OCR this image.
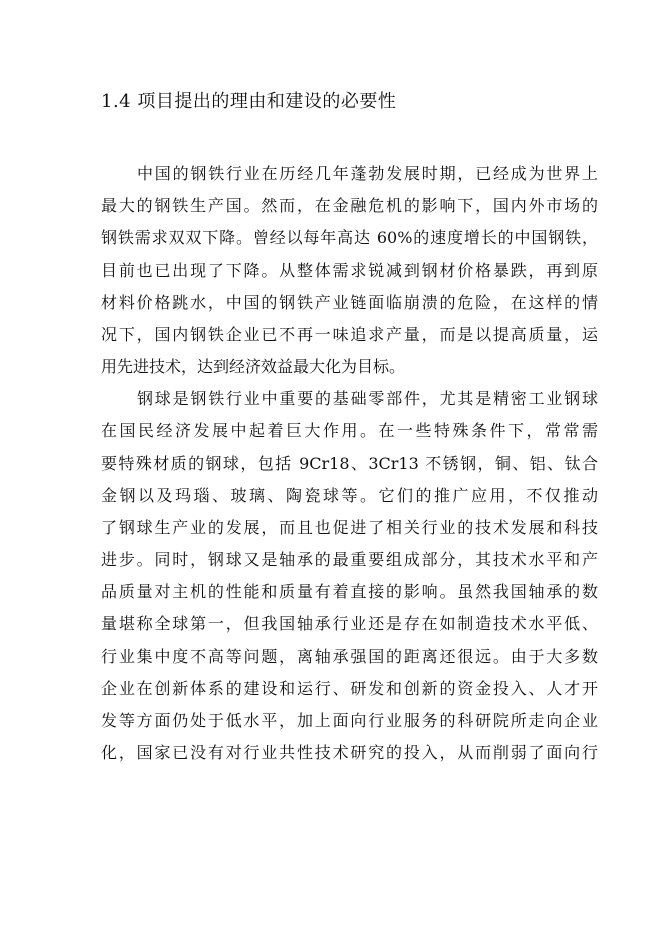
1.4 项目提出的理由和建设的必要性
中国的钢铁行业在历经几年蓬勃发展时期，已经成为世界上
最大的钢铁生产国。然而，在金融危机的影响下，国内外市场的
钢铁需求双双下降。曾经以每年高达 60%的速度增长的中国钢铁，
目前也已出现了下降。从整体需求锐减到钢材价格暴跌，再到原
材料价格跳水，中国的钢铁产业链面临崩溃的危险，在这样的情
况下，国内钢铁企业已不再一味追求产量，而是以提高质量，运
用先进技术，达到经济效益最大化为目标。
钢球是钢铁行业中重要的基础零部件，尤其是精密工业钢球
在国民经济发展中起着巨大作用。在一些特殊条件下，常常需
要特殊材质的钢球，包括 9Cr18、3Cr13 不锈钢，铜、铝、钛合
金钢以及玛瑙、玻璃、陶瓷球等。它们的推广应用，不仅推动
了钢球生产业的发展，而且也促进了相关行业的技术发展和科技
进步。同时，钢球又是轴承的最重要组成部分，其技术水平和产
品质量对主机的性能和质量有着直接的影响。虽然我国轴承的数
量堪称全球第一，但我国轴承行业还是存在如制造技术水平低、
行业集中度不高等问题，离轴承强国的距离还很远。由于大多数
企业在创新体系的建设和运行、研发和创新的资金投入、人才开
发等方面仍处于低水平，加上面向行业服务的科研院所走向企业
化，国家已没有对行业共性技术研究的投入，从而削弱了面向行
